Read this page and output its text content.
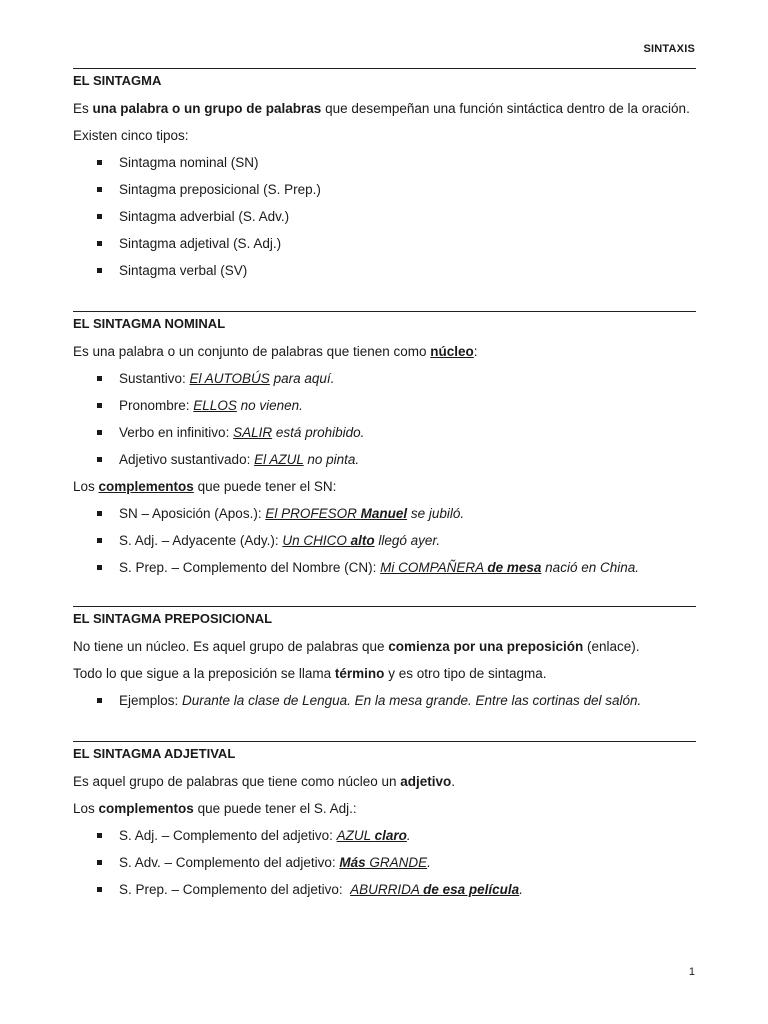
SINTAXIS
EL SINTAGMA
Es una palabra o un grupo de palabras que desempeñan una función sintáctica dentro de la oración.
Existen cinco tipos:
Sintagma nominal (SN)
Sintagma preposicional (S. Prep.)
Sintagma adverbial (S. Adv.)
Sintagma adjetival (S. Adj.)
Sintagma verbal (SV)
EL SINTAGMA NOMINAL
Es una palabra o un conjunto de palabras que tienen como núcleo:
Sustantivo: El AUTOBÚS para aquí.
Pronombre: ELLOS no vienen.
Verbo en infinitivo: SALIR está prohibido.
Adjetivo sustantivado: El AZUL no pinta.
Los complementos que puede tener el SN:
SN – Aposición (Apos.): El PROFESOR Manuel se jubiló.
S. Adj. – Adyacente (Ady.): Un CHICO alto llegó ayer.
S. Prep. – Complemento del Nombre (CN): Mi COMPAÑERA de mesa nació en China.
EL SINTAGMA PREPOSICIONAL
No tiene un núcleo. Es aquel grupo de palabras que comienza por una preposición (enlace).
Todo lo que sigue a la preposición se llama término y es otro tipo de sintagma.
Ejemplos: Durante la clase de Lengua. En la mesa grande. Entre las cortinas del salón.
EL SINTAGMA ADJETIVAL
Es aquel grupo de palabras que tiene como núcleo un adjetivo.
Los complementos que puede tener el S. Adj.:
S. Adj. – Complemento del adjetivo: AZUL claro.
S. Adv. – Complemento del adjetivo: Más GRANDE.
S. Prep. – Complemento del adjetivo:  ABURRIDA de esa película.
1
